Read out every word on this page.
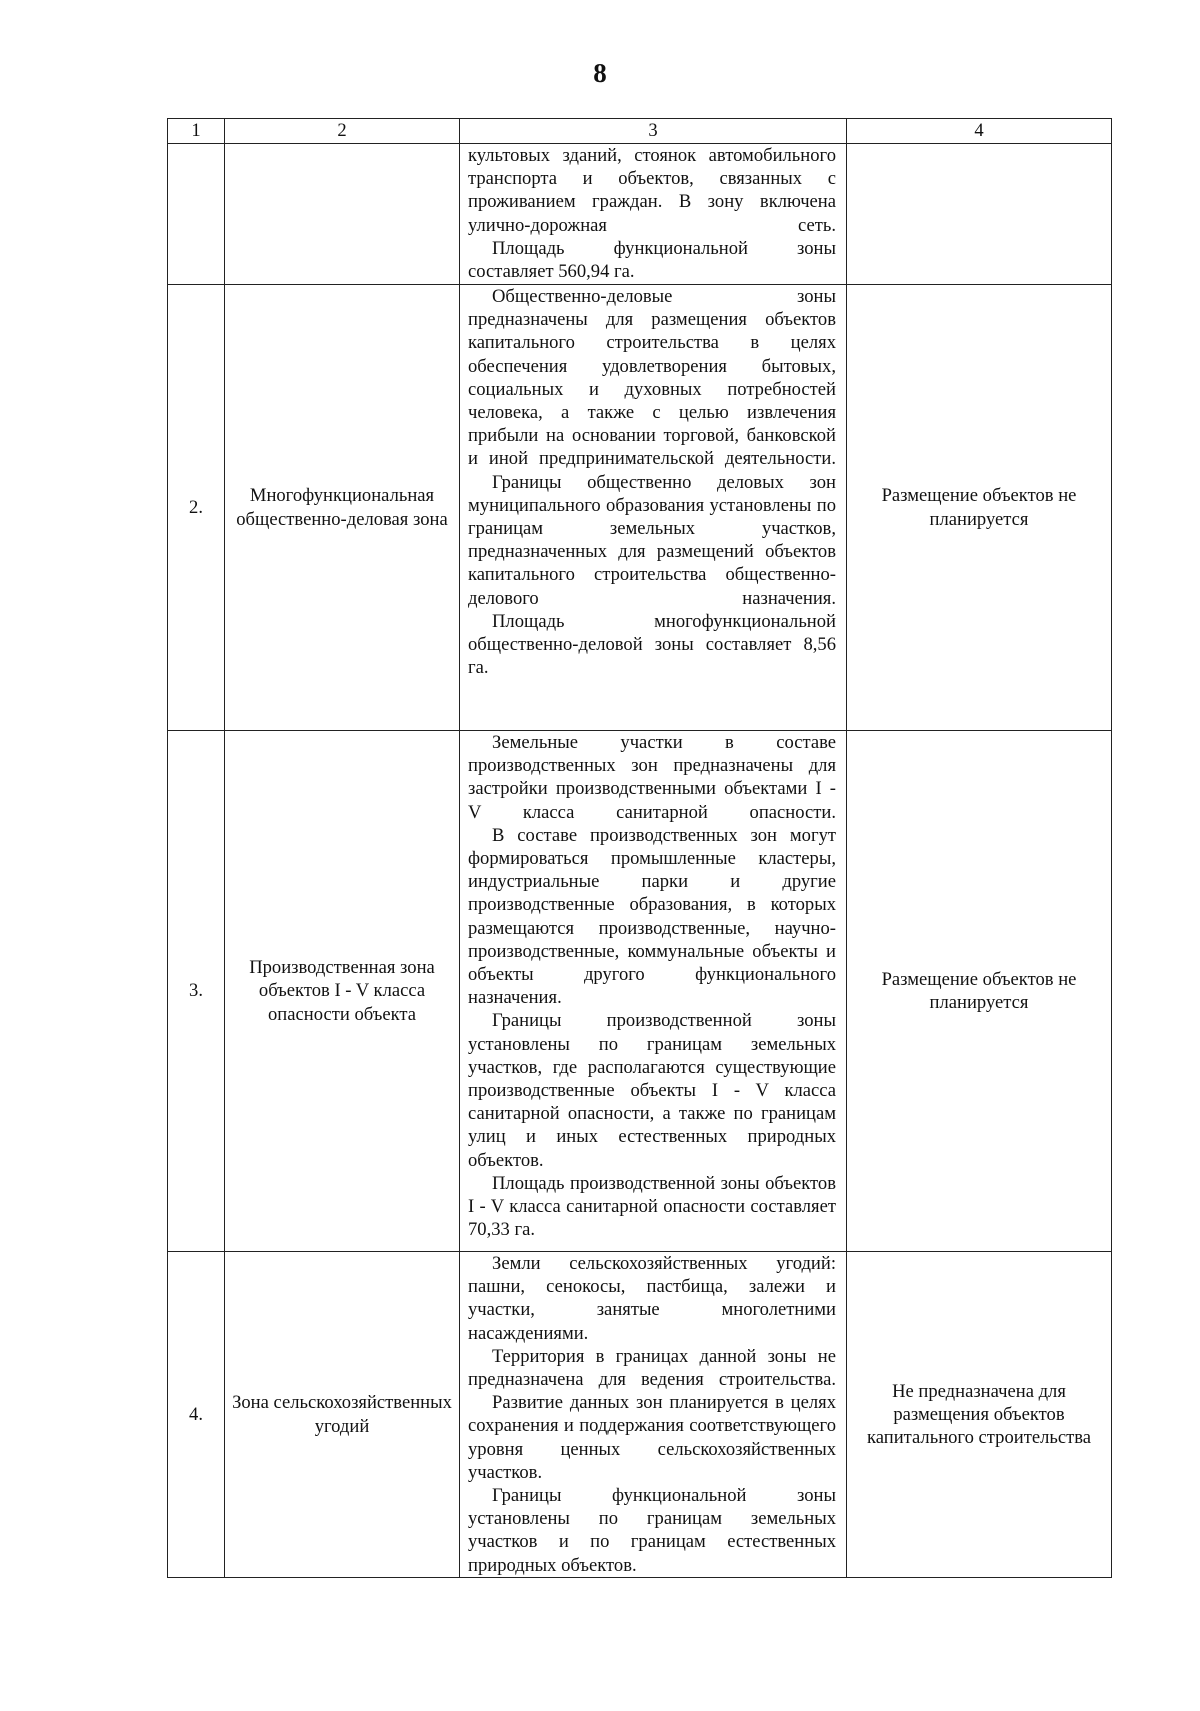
8
1	2	3	4

		культовых зданий, стоянок автомобильного транспорта и объектов, связанных с проживанием граждан. В зону включена улично-дорожная сеть.

Площадь функциональной зоны составляет 560,94 га.	

2.	Многофункциональная общественно-деловая зона	Общественно-деловые зоны предназначены для размещения объектов капитального строительства в целях обеспечения удовлетворения бытовых, социальных и духовных потребностей человека, а также с целью извлечения прибыли на основании торговой, банковской и иной предпринимательской деятельности.

Границы общественно деловых зон муниципального образования установлены по границам земельных участков, предназначенных для размещений объектов капитального строительства общественно-делового назначения.

Площадь многофункциональной общественно-деловой зоны составляет 8,56 га.	Размещение объектов не планируется
3.	Производственная зона объектов I - V класса опасности объекта	Земельные участки в составе производственных зон предназначены для застройки производственными объектами I - V класса санитарной опасности.

В составе производственных зон могут формироваться промышленные кластеры, индустриальные парки и другие производственные образования, в которых размещаются производственные, научно-производственные, коммунальные объекты и объекты другого функционального назначения.

Границы производственной зоны установлены по границам земельных участков, где располагаются существующие производственные объекты I - V класса санитарной опасности, а также по границам улиц и иных естественных природных объектов.

Площадь производственной зоны объектов I - V класса санитарной опасности составляет 70,33 га.	Размещение объектов не планируется
4.	Зона сельскохозяйственных угодий	Земли сельскохозяйственных угодий: пашни, сенокосы, пастбища, залежи и участки, занятые многолетними насаждениями.

Территория в границах данной зоны не предназначена для ведения строительства.

Развитие данных зон планируется в целях сохранения и поддержания соответствующего уровня ценных сельскохозяйственных участков.

Границы функциональной зоны установлены по границам земельных участков и по границам естественных природных объектов.	Не предназначена для размещения объектов капитального строительства
